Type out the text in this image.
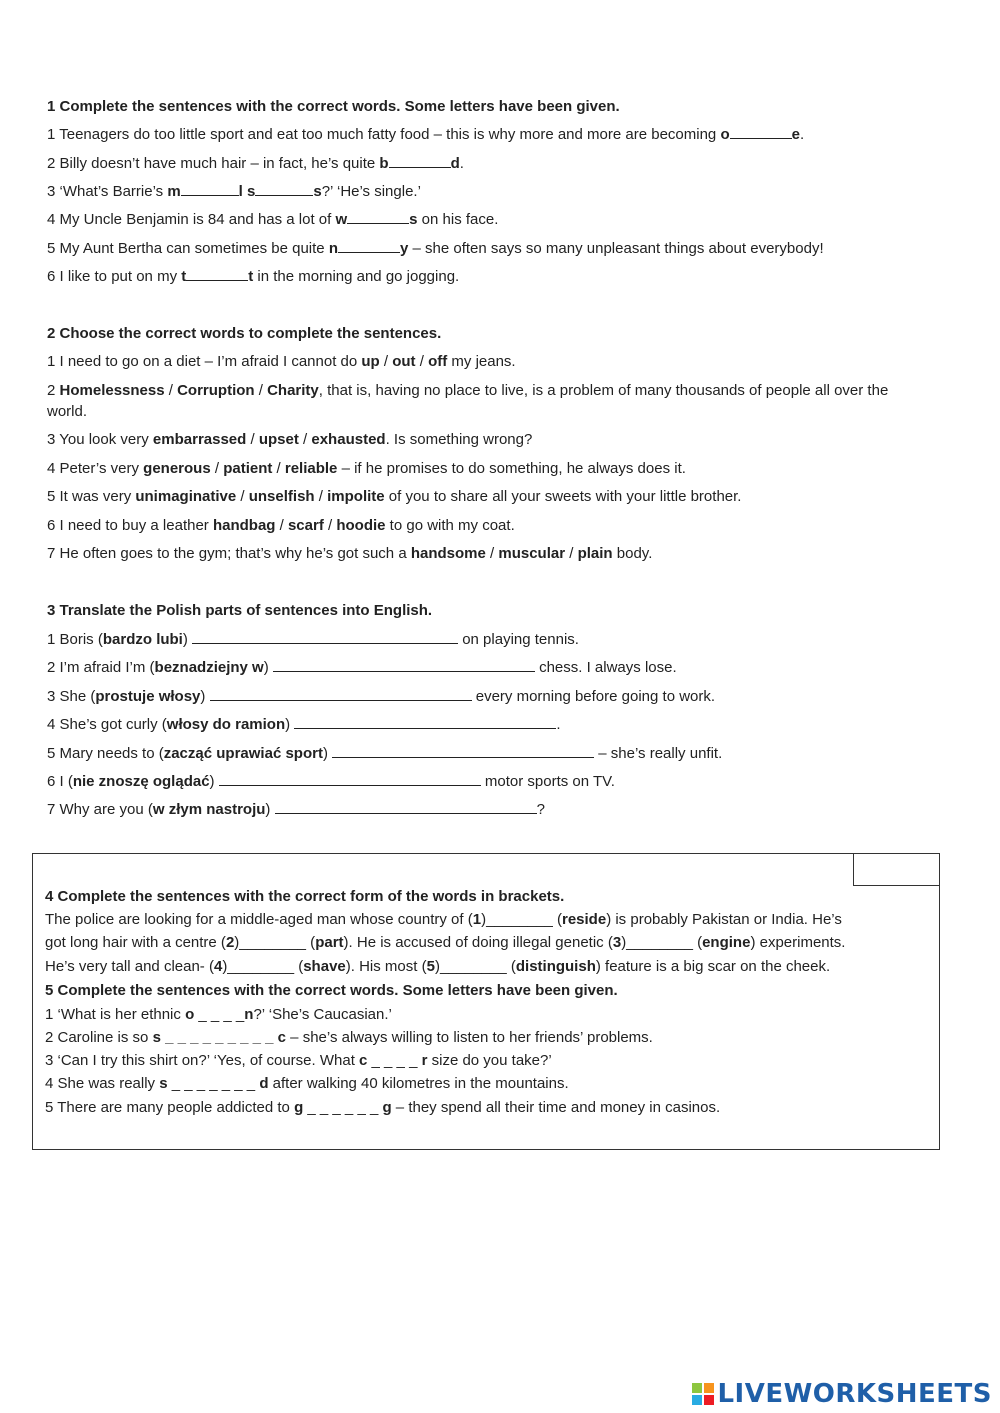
1 Complete the sentences with the correct words. Some letters have been given.
1 Teenagers do too little sport and eat too much fatty food – this is why more and more are becoming o	e.
2 Billy doesn’t have much hair – in fact, he’s quite b	d.
3 ‘What’s Barrie’s m	l s	s?’ ‘He’s single.’
4 My Uncle Benjamin is 84 and has a lot of w	s on his face.
5 My Aunt Bertha can sometimes be quite n	y – she often says so many unpleasant things about everybody!
6 I like to put on my t	t in the morning and go jogging.
2 Choose the correct words to complete the sentences.
1 I need to go on a diet – I’m afraid I cannot do up / out / off my jeans.
2 Homelessness / Corruption / Charity, that is, having no place to live, is a problem of many thousands of people all over the world.
3 You look very embarrassed / upset / exhausted. Is something wrong?
4 Peter’s very generous / patient / reliable – if he promises to do something, he always does it.
5 It was very unimaginative / unselfish / impolite of you to share all your sweets with your little brother.
6 I need to buy a leather handbag / scarf / hoodie to go with my coat.
7 He often goes to the gym; that’s why he’s got such a handsome / muscular / plain body.
3 Translate the Polish parts of sentences into English.
1 Boris (bardzo lubi)	on playing tennis.
2 I’m afraid I’m (beznadziejny w)	chess. I always lose.
3 She (prostuje włosy)	every morning before going to work.
4 She’s got curly (włosy do ramion)	.
5 Mary needs to (zacząć uprawiać sport)	– she’s really unfit.
6 I (nie znoszę oglądać)	motor sports on TV.
7 Why are you (w złym nastroju)	?
4 Complete the sentences with the correct form of the words in brackets.
The police are looking for a middle-aged man whose country of (1)________ (reside) is probably Pakistan or India. He’s
got long hair with a centre (2)________ (part). He is accused of doing illegal genetic (3)________ (engine) experiments.
He’s very tall and clean- (4)________ (shave). His most (5)________ (distinguish) feature is a big scar on the cheek.
5 Complete the sentences with the correct words. Some letters have been given.
1 ‘What is her ethnic o _ _ _ _n?’ ‘She’s Caucasian.’
2 Caroline is so s _ _ _ _ _ _ _ _ _ c – she’s always willing to listen to her friends’ problems.
3 ‘Can I try this shirt on?’ ‘Yes, of course. What c _ _ _ _ r size do you take?’
4 She was really s _ _ _ _ _ _ _ d after walking 40 kilometres in the mountains.
5 There are many people addicted to g _ _ _ _ _ _ g – they spend all their time and money in casinos.
LIVEWORKSHEETS
